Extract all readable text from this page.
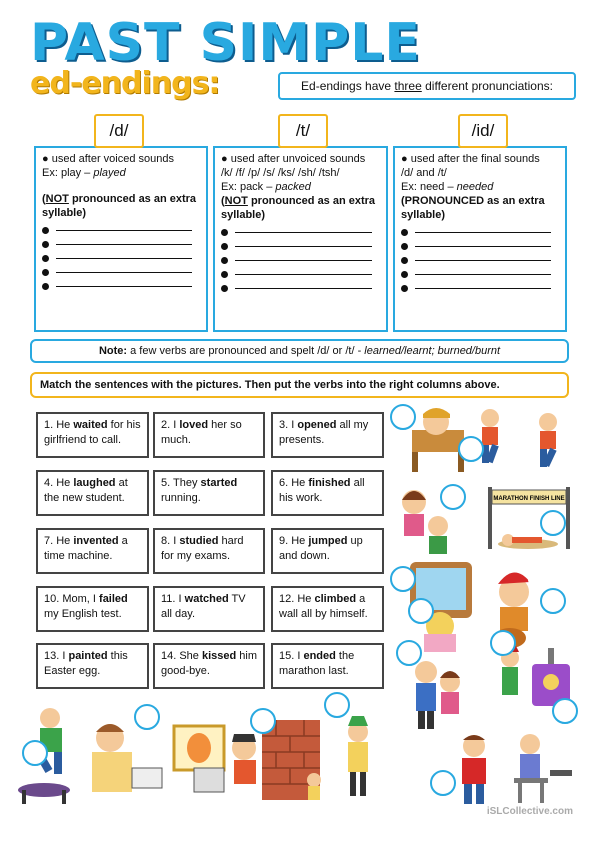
PAST SIMPLE
ed-endings:	Ed-endings have three different pronunciations:
/d/	/t/	/id/
● used after voiced sounds
Ex: play – played
(NOT pronounced as an extra syllable)
● used after unvoiced sounds
/k/ /f/ /p/ /s/ /ks/ /sh/ /tsh/
Ex: pack – packed
(NOT pronounced as an extra syllable)
● used after the final sounds
/d/ and /t/
Ex: need – needed
(PRONOUNCED as an extra syllable)
Note: a few verbs are pronounced and spelt /d/ or /t/ - learned/learnt; burned/burnt
Match the sentences with the pictures. Then put the verbs into the right columns above.
1. He waited for his girlfriend to call.
2. I loved her so much.
3. I opened all my presents.
4. He laughed at the new student.
5. They started running.
6. He finished all his work.
7. He invented a time machine.
8. I studied hard for my exams.
9. He jumped up and down.
10. Mom, I failed my English test.
11. I watched TV all day.
12. He climbed a wall all by himself.
13. I painted this Easter egg.
14. She kissed him good-bye.
15. I ended the marathon last.
MARATHON FINISH LINE
iSLCollective.com
